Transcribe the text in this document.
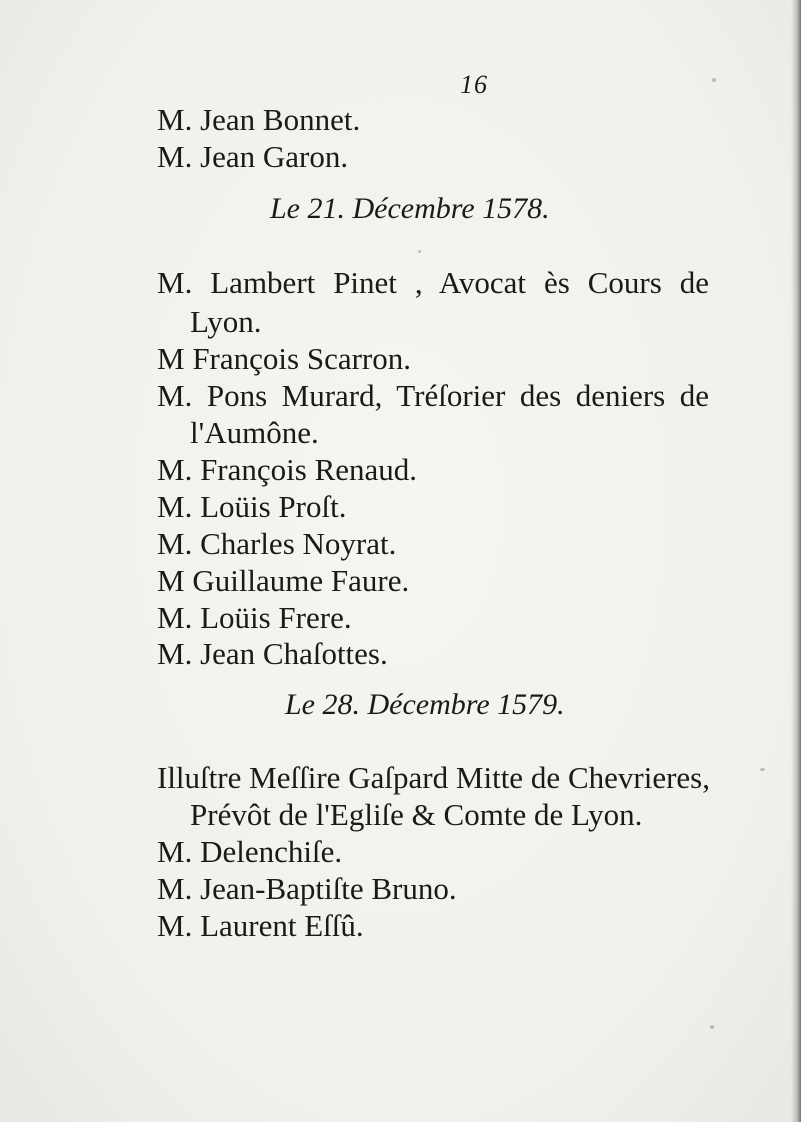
16
M. Jean Bonnet.
M. Jean Garon.
Le 21. Décembre 1578.
M. Lambert Pinet , Avocat ès Cours de
Lyon.
M François Scarron.
M. Pons Murard, Tréſorier des deniers de
l'Aumône.
M. François Renaud.
M. Loüis Proſt.
M. Charles Noyrat.
M Guillaume Faure.
M. Loüis Frere.
M. Jean Chaſottes.
Le 28. Décembre 1579.
Illuſtre Meſſire Gaſpard Mitte de Chevrieres,
Prévôt de l'Egliſe & Comte de Lyon.
M. Delenchiſe.
M. Jean-Baptiſte Bruno.
M. Laurent Eſſû.
